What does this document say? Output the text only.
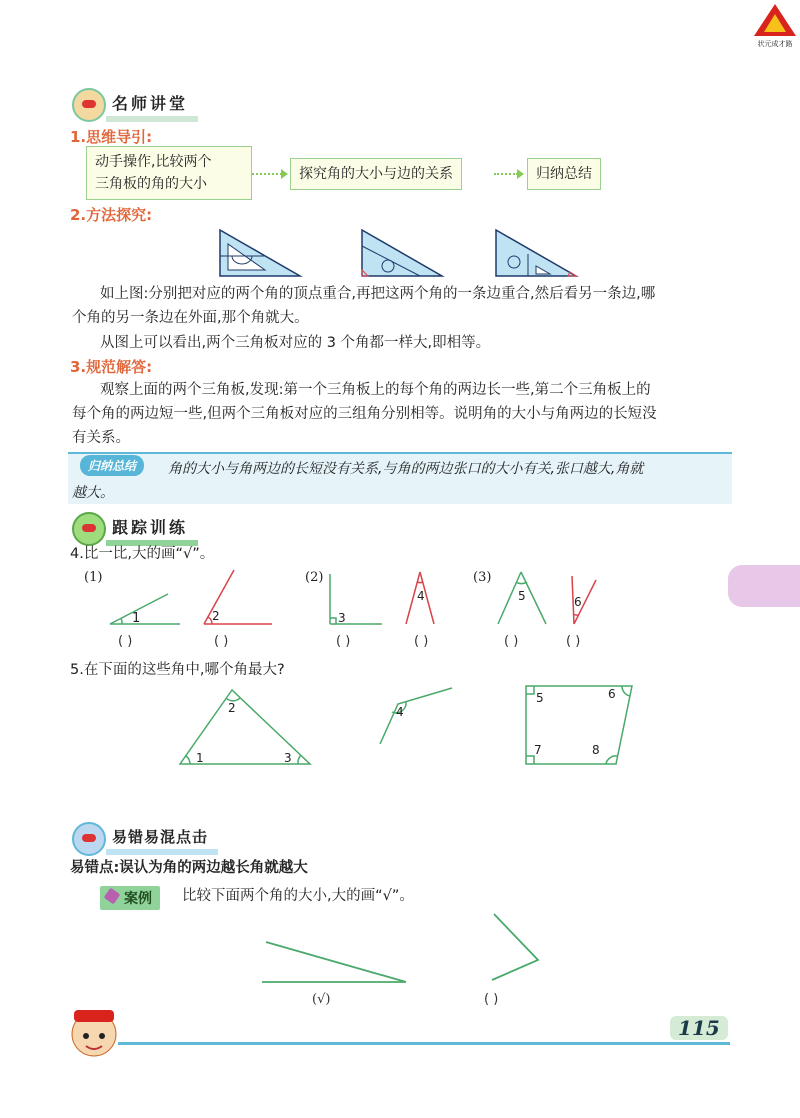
状元成才路
名师讲堂
1.思维导引:
动手操作,比较两个
三角板的角的大小
探究角的大小与边的关系	归纳总结
2.方法探究:
如上图:分别把对应的两个角的顶点重合,再把这两个角的一条边重合,然后看另一条边,哪
个角的另一条边在外面,那个角就大。
从图上可以看出,两个三角板对应的 3 个角都一样大,即相等。
3.规范解答:
观察上面的两个三角板,发现:第一个三角板上的每个角的两边长一些,第二个三角板上的
每个角的两边短一些,但两个三角板对应的三组角分别相等。说明角的大小与角两边的长短没
有关系。
归纳总结	角的大小与角两边的长短没有关系,与角的两边张口的大小有关,张口越大,角就
越大。
跟踪训练
4.比一比,大的画“√”。
(1)	(2)	(3)
1	2	3
4	5	6
( )	( )	( )	( )	( )	( )
5.在下面的这些角中,哪个角最大?
2
1	3
4
5	6
7	8
易错易混点击
易错点:误认为角的两边越长角就越大
案例	比较下面两个角的大小,大的画“√”。
(√)	( )
115
